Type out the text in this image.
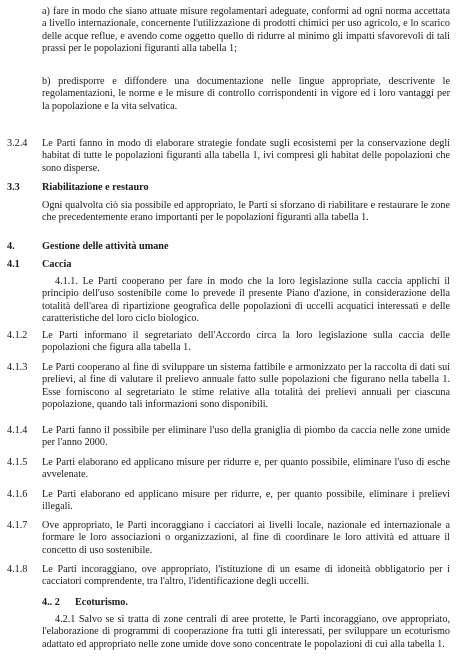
a) fare in modo che siano attuate misure regolamentari adeguate, conformi ad ogni norma accettata a livello internazionale, concernente l'utilizzazione di prodotti chimici per uso agricolo, e lo scarico delle acque reflue, e avendo come oggetto quello di ridurre al minimo gli impatti sfavorevoli di tali prassi per le popolazioni figuranti alla tabella 1;

b) predisporre e diffondere una documentazione nelle lingue appropriate, descrivente le regolamentazioni, le norme e le misure di controllo corrispondenti in vigore ed i loro vantaggi per la popolazione e la vita selvatica.

3.2.4 Le Parti fanno in modo di elaborare strategie fondate sugli ecosistemi per la conservazione degli habitat di tutte le popolazioni figuranti alla tabella 1, ivi compresi gli habitat delle popolazioni che sono disperse.

3.3 Riabilitazione e restauro

Ogni qualvolta ciò sia possibile ed appropriato, le Parti si sforzano di riabilitare e restaurare le zone che precedentemente erano importanti per le popolazioni figuranti alla tabella 1.

4.	Gestione delle attività umane
4.1 Caccia

4.1.1. Le Parti cooperano per fare in modo che la loro legislazione sulla caccia applichi il principio dell'uso sostenibile come lo prevede il presente Piano d'azione, in considerazione della totalità dell'area di ripartizione geografica delle popolazioni di uccelli acquatici interessati e delle caratteristiche del loro ciclo biologico.

4.1.2 Le Parti informano il segretariato dell'Accordo circa la loro legislazione sulla caccia delle popolazioni che figura alla tabella 1.

4.1.3 Le Parti cooperano al fine di sviluppare un sistema fattibile e armonizzato per la raccolta di dati sui prelievi, al fine di valutare il prelievo annuale fatto sulle popolazioni che figurano nella tabella 1. Esse forniscono al segretariato le stime relative alla totalità dei prelievi annuali per ciascuna popolazione, quando tali informazioni sono disponibili.

4.1.4 Le Parti fanno il possibile per eliminare l'uso della graniglia di piombo da caccia nelle zone umide per l'anno 2000.

4.1.5 Le Parti elaborano ed applicano misure per ridurre e, per quanto possibile, eliminare l'uso di esche avvelenate.

4.1.6 Le Parti elaborano ed applicano misure per ridurre, e, per quanto possibile, eliminare i prelievi illegali.

4.1.7 Ove appropriato, le Parti incoraggiano i cacciatori ai livelli locale, nazionale ed internazionale a formare le loro associazioni o organizzazioni, al fine di coordinare le loro attività ed attuare il concetto di uso sostenibile.

4.1.8 Le Parti incoraggiano, ove appropriato, l'istituzione di un esame di idoneità obbligatorio per i cacciatori comprendente, tra l'altro, l'identificazione degli uccelli.

4.. 2 Ecoturismo.

4.2.1 Salvo se si tratta di zone centrali di aree protette, le Parti incoraggiano, ove appropriato, l'elaborazione di programmi di cooperazione fra tutti gli interessati, per sviluppare un ecoturismo adattato ed appropriato nelle zone umide dove sono concentrate le popolazioni di cui alla tabella 1.
